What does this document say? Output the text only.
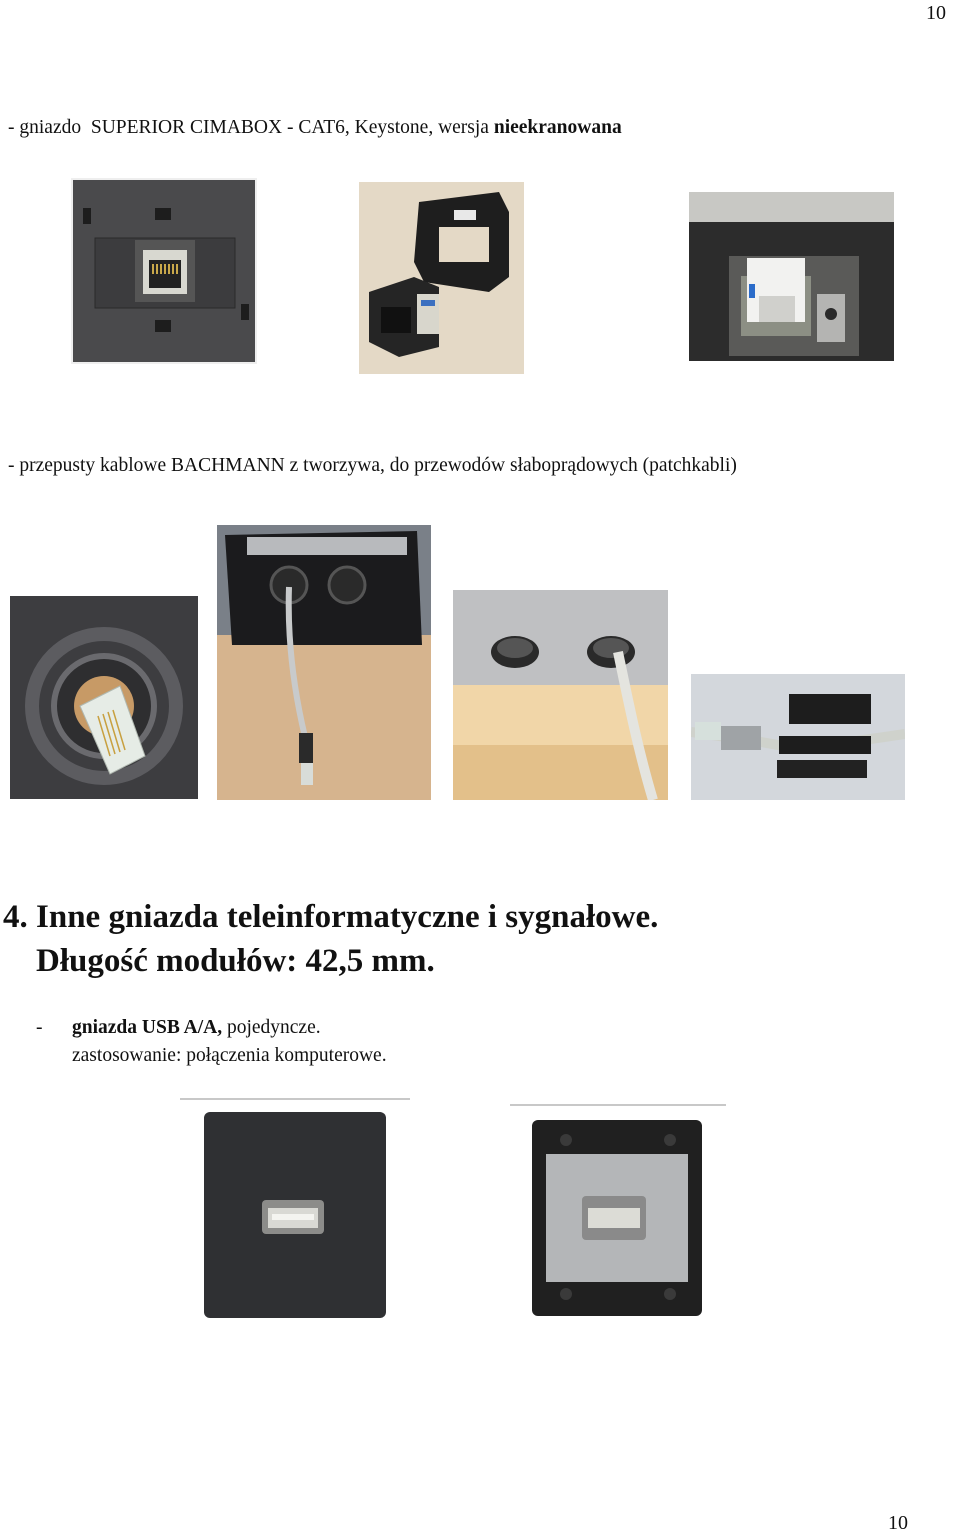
10
- gniazdo  SUPERIOR CIMABOX - CAT6, Keystone, wersja nieekranowana
- przepusty kablowe BACHMANN z tworzywa, do przewodów słaboprądowych (patchkabli)
4. Inne gniazda teleinformatyczne i sygnałowe.
Długość modułów: 42,5 mm.
- gniazda USB A/A, pojedyncze.
zastosowanie: połączenia komputerowe.
10
